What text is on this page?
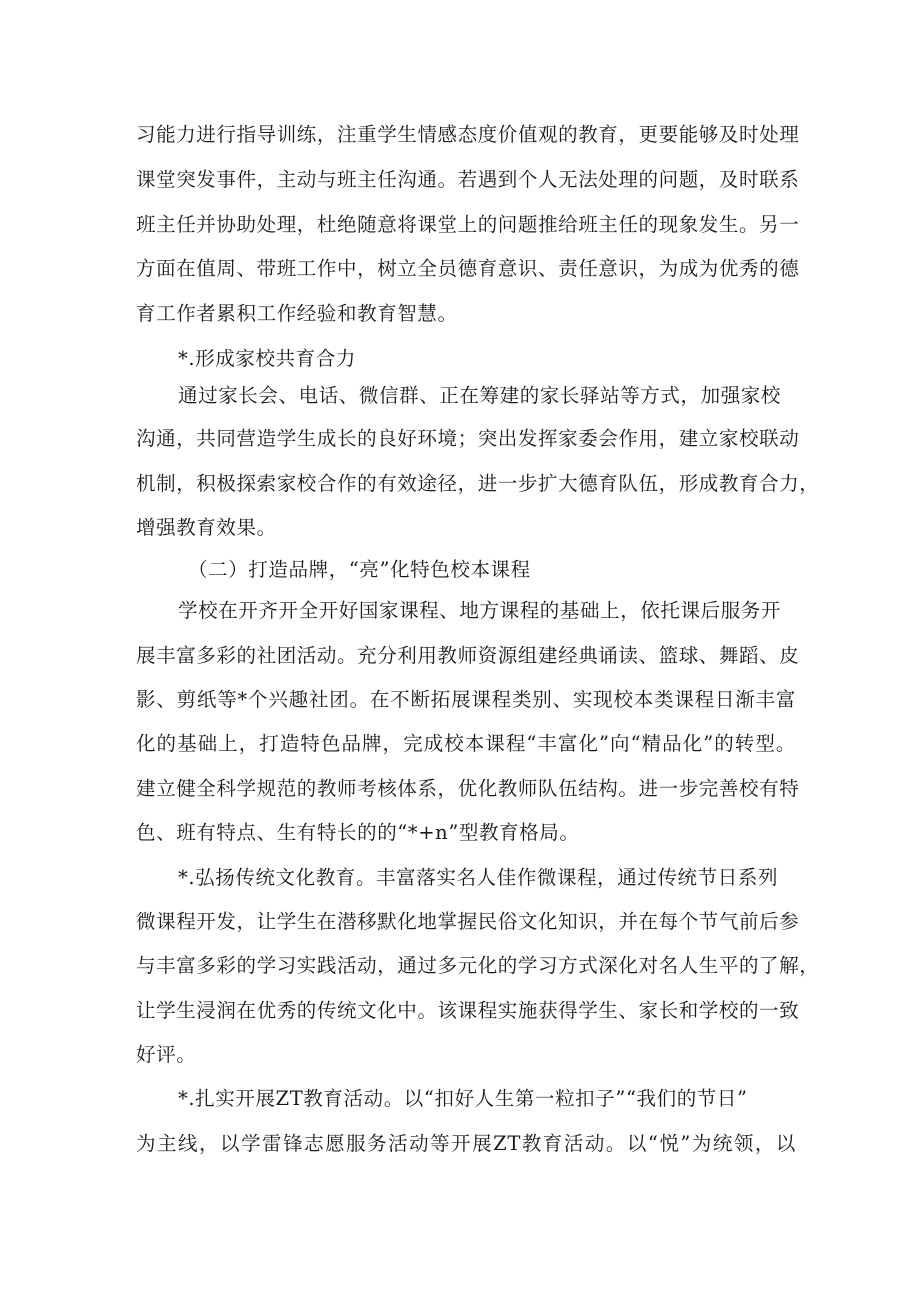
习能力进行指导训练，注重学生情感态度价值观的教育，更要能够及时处理
课堂突发事件，主动与班主任沟通。若遇到个人无法处理的问题，及时联系
班主任并协助处理，杜绝随意将课堂上的问题推给班主任的现象发生。另一
方面在值周、带班工作中，树立全员德育意识、责任意识，为成为优秀的德
育工作者累积工作经验和教育智慧。
*.形成家校共育合力
通过家长会、电话、微信群、正在筹建的家长驿站等方式，加强家校
沟通，共同营造学生成长的良好环境；突出发挥家委会作用，建立家校联动
机制，积极探索家校合作的有效途径，进一步扩大德育队伍，形成教育合力，
增强教育效果。
（二）打造品牌，“亮”化特色校本课程
学校在开齐开全开好国家课程、地方课程的基础上，依托课后服务开
展丰富多彩的社团活动。充分利用教师资源组建经典诵读、篮球、舞蹈、皮
影、剪纸等*个兴趣社团。在不断拓展课程类别、实现校本类课程日渐丰富
化的基础上，打造特色品牌，完成校本课程“丰富化”向“精品化”的转型。
建立健全科学规范的教师考核体系，优化教师队伍结构。进一步完善校有特
色、班有特点、生有特长的的“*+n”型教育格局。
*.弘扬传统文化教育。丰富落实名人佳作微课程，通过传统节日系列
微课程开发，让学生在潜移默化地掌握民俗文化知识，并在每个节气前后参
与丰富多彩的学习实践活动，通过多元化的学习方式深化对名人生平的了解，
让学生浸润在优秀的传统文化中。该课程实施获得学生、家长和学校的一致
好评。
*.扎实开展ZT教育活动。以“扣好人生第一粒扣子”“我们的节日”
为主线，以学雷锋志愿服务活动等开展ZT教育活动。以“悦”为统领，以
